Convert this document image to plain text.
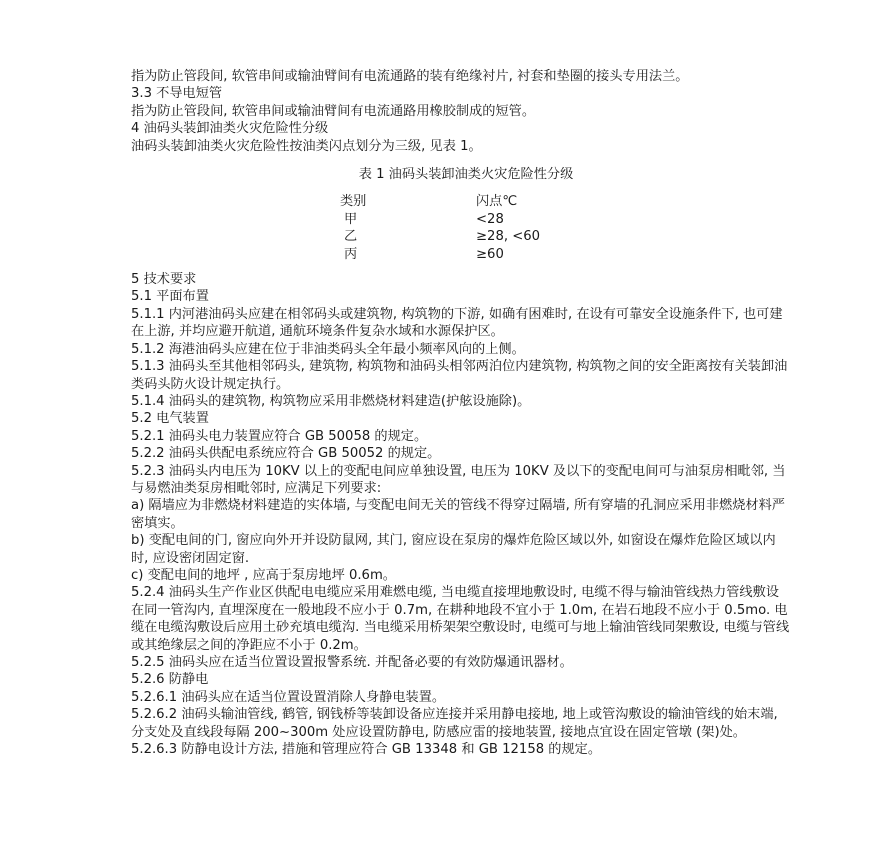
指为防止管段间, 软管串间或输油臂间有电流通路的装有绝缘衬片, 衬套和垫圈的接头专用法兰。

3.3 不导电短管

指为防止管段间, 软管串间或输油臂间有电流通路用橡胶制成的短管。

4 油码头装卸油类火灾危险性分级

油码头装卸油类火灾危险性按油类闪点划分为三级, 见表 1。

表 1 油码头装卸油类火灾危险性分级

类别	闪点℃
甲	<28
乙	≥28, <60
丙	≥60

5 技术要求

5.1 平面布置

5.1.1 内河港油码头应建在相邻码头或建筑物, 构筑物的下游, 如确有困难时, 在设有可靠安全设施条件下, 也可建在上游, 并均应避开航道, 通航环境条件复杂水域和水源保护区。

5.1.2 海港油码头应建在位于非油类码头全年最小频率风向的上侧。

5.1.3 油码头至其他相邻码头, 建筑物, 构筑物和油码头相邻两泊位内建筑物, 构筑物之间的安全距离按有关装卸油类码头防火设计规定执行。

5.1.4 油码头的建筑物, 构筑物应采用非燃烧材料建造(护舷设施除)。

5.2 电气装置

5.2.1 油码头电力装置应符合 GB 50058 的规定。

5.2.2 油码头供配电系统应符合 GB 50052 的规定。

5.2.3 油码头内电压为 10KV 以上的变配电间应单独设置, 电压为 10KV 及以下的变配电间可与油泵房相毗邻, 当与易燃油类泵房相毗邻时, 应满足下列要求:

a) 隔墙应为非燃烧材料建造的实体墙, 与变配电间无关的管线不得穿过隔墙, 所有穿墙的孔洞应采用非燃烧材料严密填实。

b) 变配电间的门, 窗应向外开并设防鼠网, 其门, 窗应设在泵房的爆炸危险区域以外, 如窗设在爆炸危险区域以内时, 应设密闭固定窗.

c) 变配电间的地坪 , 应高于泵房地坪 0.6m。

5.2.4 油码头生产作业区供配电电缆应采用难燃电缆, 当电缆直接埋地敷设时, 电缆不得与输油管线热力管线敷设在同一管沟内, 直埋深度在一般地段不应小于 0.7m, 在耕种地段不宜小于 1.0m, 在岩石地段不应小于 0.5mo. 电缆在电缆沟敷设后应用土砂充填电缆沟. 当电缆采用桥架架空敷设时, 电缆可与地上输油管线同架敷设, 电缆与管线 或其绝缘层之间的净距应不小于 0.2m。

5.2.5 油码头应在适当位置设置报警系统. 并配备必要的有效防爆通讯器材。

5.2.6 防静电

5.2.6.1 油码头应在适当位置设置消除人身静电装置。

5.2.6.2 油码头输油管线, 鹤管, 钢钱桥等装卸设备应连接并采用静电接地, 地上或管沟敷设的输油管线的始末端, 分支处及直线段每隔 200~300m 处应设置防静电, 防感应雷的接地装置, 接地点宜设在固定管墩 (架)处。

5.2.6.3 防静电设计方法, 措施和管理应符合 GB 13348 和 GB 12158 的规定。
